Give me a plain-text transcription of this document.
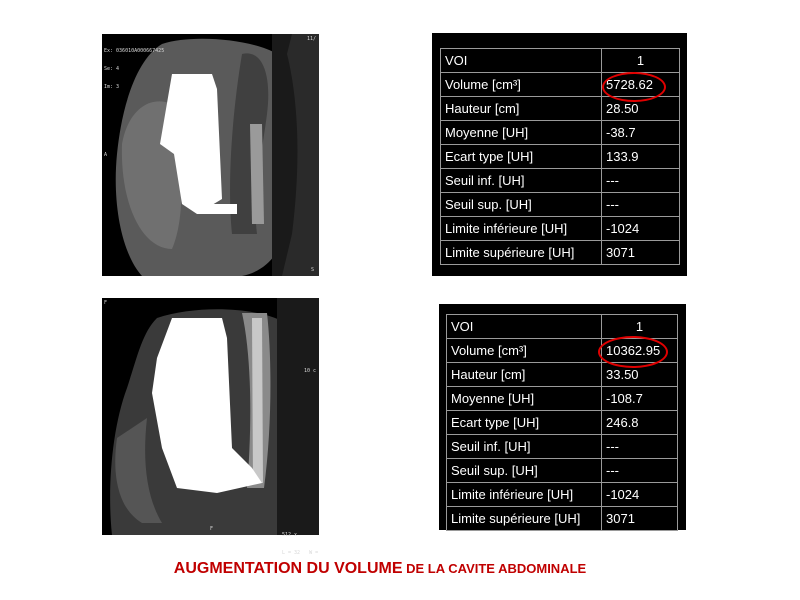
Ex: 036010A000667425

Se: 4

Im: 3

11/
A
S
F
10 c
F

512 x

L = 32   W =

VOI	1
Volume [cm³]	5728.62
Hauteur [cm]	28.50
Moyenne [UH]	-38.7
Ecart type [UH]	133.9
Seuil inf. [UH]	---
Seuil sup. [UH]	---
Limite inférieure [UH]	-1024
Limite supérieure [UH]	3071
VOI	1
Volume [cm³]	10362.95
Hauteur [cm]	33.50
Moyenne [UH]	-108.7
Ecart type [UH]	246.8
Seuil inf. [UH]	---
Seuil sup. [UH]	---
Limite inférieure [UH]	-1024
Limite supérieure [UH]	3071
AUGMENTATION DU VOLUME DE LA CAVITE ABDOMINALE
